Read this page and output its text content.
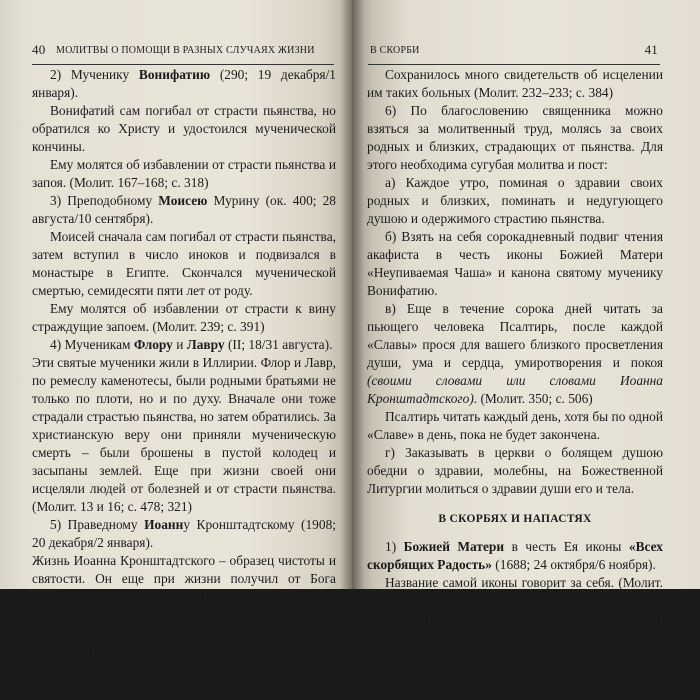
40 МОЛИТВЫ О ПОМОЩИ В РАЗНЫХ СЛУЧАЯХ ЖИЗНИ

2) Мученику Вонифатию (290; 19 декабря/1 января).

Вонифатий сам погибал от страсти пьянства, но обратился ко Христу и удостоился мученической кончины.

Ему молятся об избавлении от страсти пьянства и запоя. (Молит. 167–168; с. 318)

3) Преподобному Моисею Мурину (ок. 400; 28 августа/10 сентября).

Моисей сначала сам погибал от страсти пьянства, затем вступил в число иноков и подвизался в монастыре в Египте. Скончался мученической смертью, семидесяти пяти лет от роду.

Ему молятся об избавлении от страсти к вину страждущие запоем. (Молит. 239; с. 391)

4) Мученикам Флору и Лавру (II; 18/31 августа).

Эти святые мученики жили в Иллирии. Флор и Лавр, по ремеслу каменотесы, были родными братьями не только по плоти, но и по духу. Вначале они тоже страдали страстью пьянства, но затем обратились. За христианскую веру они приняли мученическую смерть – были брошены в пустой колодец и засыпаны землей. Еще при жизни своей они исцеляли людей от болезней и от страсти пьянства. (Молит. 13 и 16; с. 478; 321)

5) Праведному Иоанну Кронштадтскому (1908; 20 декабря/2 января).

Жизнь Иоанна Кронштадтского – образец чистоты и святости. Он еще при жизни получил от Бога чудесный дар исцелений. По его молитвам Бог исцелял многих больных – тех, кто приходил к нему с просьбой о помощи. Среди простого народа города Кронштадта, где он был священником, было много таких, кто страдал недугом винопития.

В СКОРБИ	41

Сохранилось много свидетельств об исцелении им таких больных (Молит. 232–233; с. 384)

6) По благословению священника можно взяться за молитвенный труд, молясь за своих родных и близких, страдающих от пьянства. Для этого необходима сугубая молитва и пост:

а) Каждое утро, поминая о здравии своих родных и близких, поминать и недугующего душою и одержимого страстию пьянства.

б) Взять на себя сорокадневный подвиг чтения акафиста в честь иконы Божией Матери «Неупиваемая Чаша» и канона святому мученику Вонифатию.

в) Еще в течение сорока дней читать за пьющего человека Псалтирь, после каждой «Славы» прося для вашего близкого просветления души, ума и сердца, умиротворения и покоя (своими словами или словами Иоанна Кронштадтского). (Молит. 350; с. 506)

Псалтирь читать каждый день, хотя бы по одной «Славе» в день, пока не будет закончена.

г) Заказывать в церкви о болящем душою обедни о здравии, молебны, на Божественной Литургии молиться о здравии души его и тела.

В СКОРБЯХ И НАПАСТЯХ

1) Божией Матери в честь Ея иконы «Всех скорбящих Радость» (1688; 24 октября/6 ноября).

Название самой иконы говорит за себя. (Молит. 23–26; с. 140)

2) Божией Матери в честь Ея иконы «Утоли моя печали» (1640; 25 января/7 февраля).

В жизни, полной невзгод, каждый испытал скорби телесные и в особенности душевные. В такие ми-
